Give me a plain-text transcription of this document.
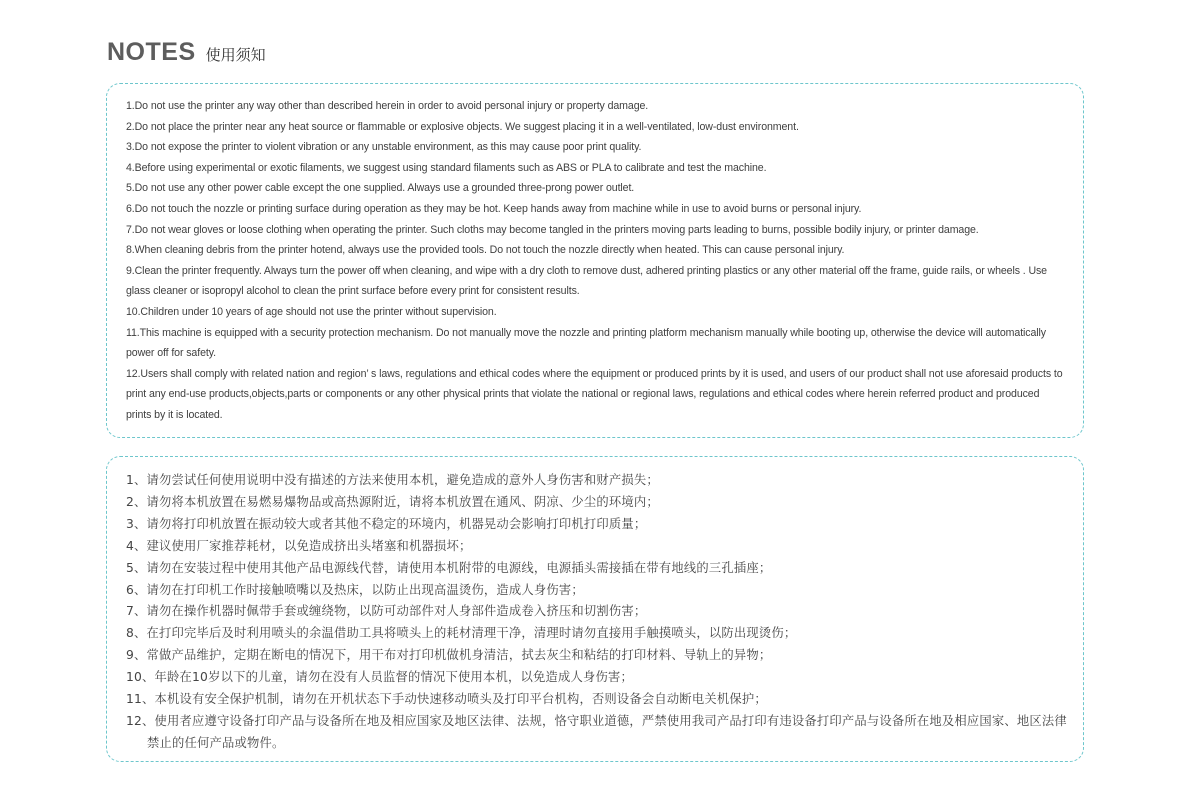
NOTES 使用须知
1.Do not use the printer any way other than described herein in order to avoid personal injury or property damage.
2.Do not place the printer near any heat source or flammable or explosive objects. We suggest placing it in a well-ventilated, low-dust environment.
3.Do not expose the printer to violent vibration or any unstable environment, as this may cause poor print quality.
4.Before using experimental or exotic filaments, we suggest using standard filaments such as ABS or PLA to calibrate and test the machine.
5.Do not use any other power cable except the one supplied. Always use a grounded three-prong power outlet.
6.Do not touch the nozzle or printing surface during operation as they may be hot. Keep hands away from machine while in use to avoid burns or personal injury.
7.Do not wear gloves or loose clothing when operating the printer. Such cloths may become tangled in the printers moving parts leading to burns, possible bodily injury, or printer damage.
8.When cleaning debris from the printer hotend, always use the provided tools. Do not touch the nozzle directly when heated. This can cause personal injury.
9.Clean the printer frequently. Always turn the power off when cleaning, and wipe with a dry cloth to remove dust, adhered printing plastics or any other material off the frame, guide rails, or wheels . Use glass cleaner or isopropyl alcohol to clean the print surface before every print for consistent results.
10.Children under 10 years of age should not use the printer without supervision.
11.This machine is equipped with a security protection mechanism. Do not manually move the nozzle and printing platform mechanism manually while booting up, otherwise the device will automatically power off for safety.
12.Users shall comply with related nation and region’ s laws, regulations and ethical codes where the equipment or produced prints by it is used, and users of our product shall not use aforesaid products to print any end-use products,objects,parts or components or any other physical prints that violate the national or regional laws, regulations and ethical codes where herein referred product and produced prints by it is located.
1、请勿尝试任何使用说明中没有描述的方法来使用本机，避免造成的意外人身伤害和财产损失；
2、请勿将本机放置在易燃易爆物品或高热源附近，请将本机放置在通风、阴凉、少尘的环境内；
3、请勿将打印机放置在振动较大或者其他不稳定的环境内，机器晃动会影响打印机打印质量；
4、建议使用厂家推荐耗材，以免造成挤出头堵塞和机器损坏；
5、请勿在安装过程中使用其他产品电源线代替，请使用本机附带的电源线，电源插头需接插在带有地线的三孔插座；
6、请勿在打印机工作时接触喷嘴以及热床，以防止出现高温烫伤，造成人身伤害；
7、请勿在操作机器时佩带手套或缠绕物，以防可动部件对人身部件造成卷入挤压和切割伤害；
8、在打印完毕后及时利用喷头的余温借助工具将喷头上的耗材清理干净，清理时请勿直接用手触摸喷头，以防出现烫伤；
9、常做产品维护，定期在断电的情况下，用干布对打印机做机身清洁，拭去灰尘和粘结的打印材料、导轨上的异物；
10、年龄在10岁以下的儿童，请勿在没有人员监督的情况下使用本机，以免造成人身伤害；
11、本机设有安全保护机制，请勿在开机状态下手动快速移动喷头及打印平台机构，否则设备会自动断电关机保护；
12、使用者应遵守设备打印产品与设备所在地及相应国家及地区法律、法规，恪守职业道德，严禁使用我司产品打印有违设备打印产品与设备所在地及相应国家、地区法律禁止的任何产品或物件。
